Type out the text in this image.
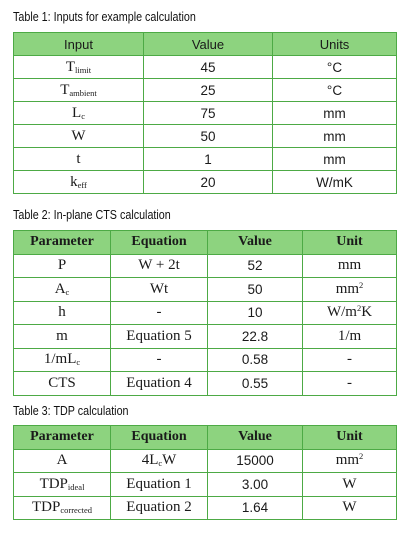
Table 1: Inputs for example calculation
Input	Value	Units
$T_{limit}$	45	°C
$T_{ambient}$	25	°C
$L_c$	75	mm
W	50	mm
t	1	mm
$k_{eff}$	20	W/mK
Table 2: In-plane CTS calculation
Parameter	Equation	Value	Unit
P	W + 2t	52	mm
$A_c$	Wt	50	$mm^2$
h	-	10	$W/m^2K$
m	Equation 5	22.8	1/m
$1/mL_c$	-	0.58	-
CTS	Equation 4	0.55	-
Table 3: TDP calculation
Parameter	Equation	Value	Unit
A	$4L_cW$	15000	$mm^2$
$TDP_{ideal}$	Equation 1	3.00	W
$TDP_{corrected}$	Equation 2	1.64	W
